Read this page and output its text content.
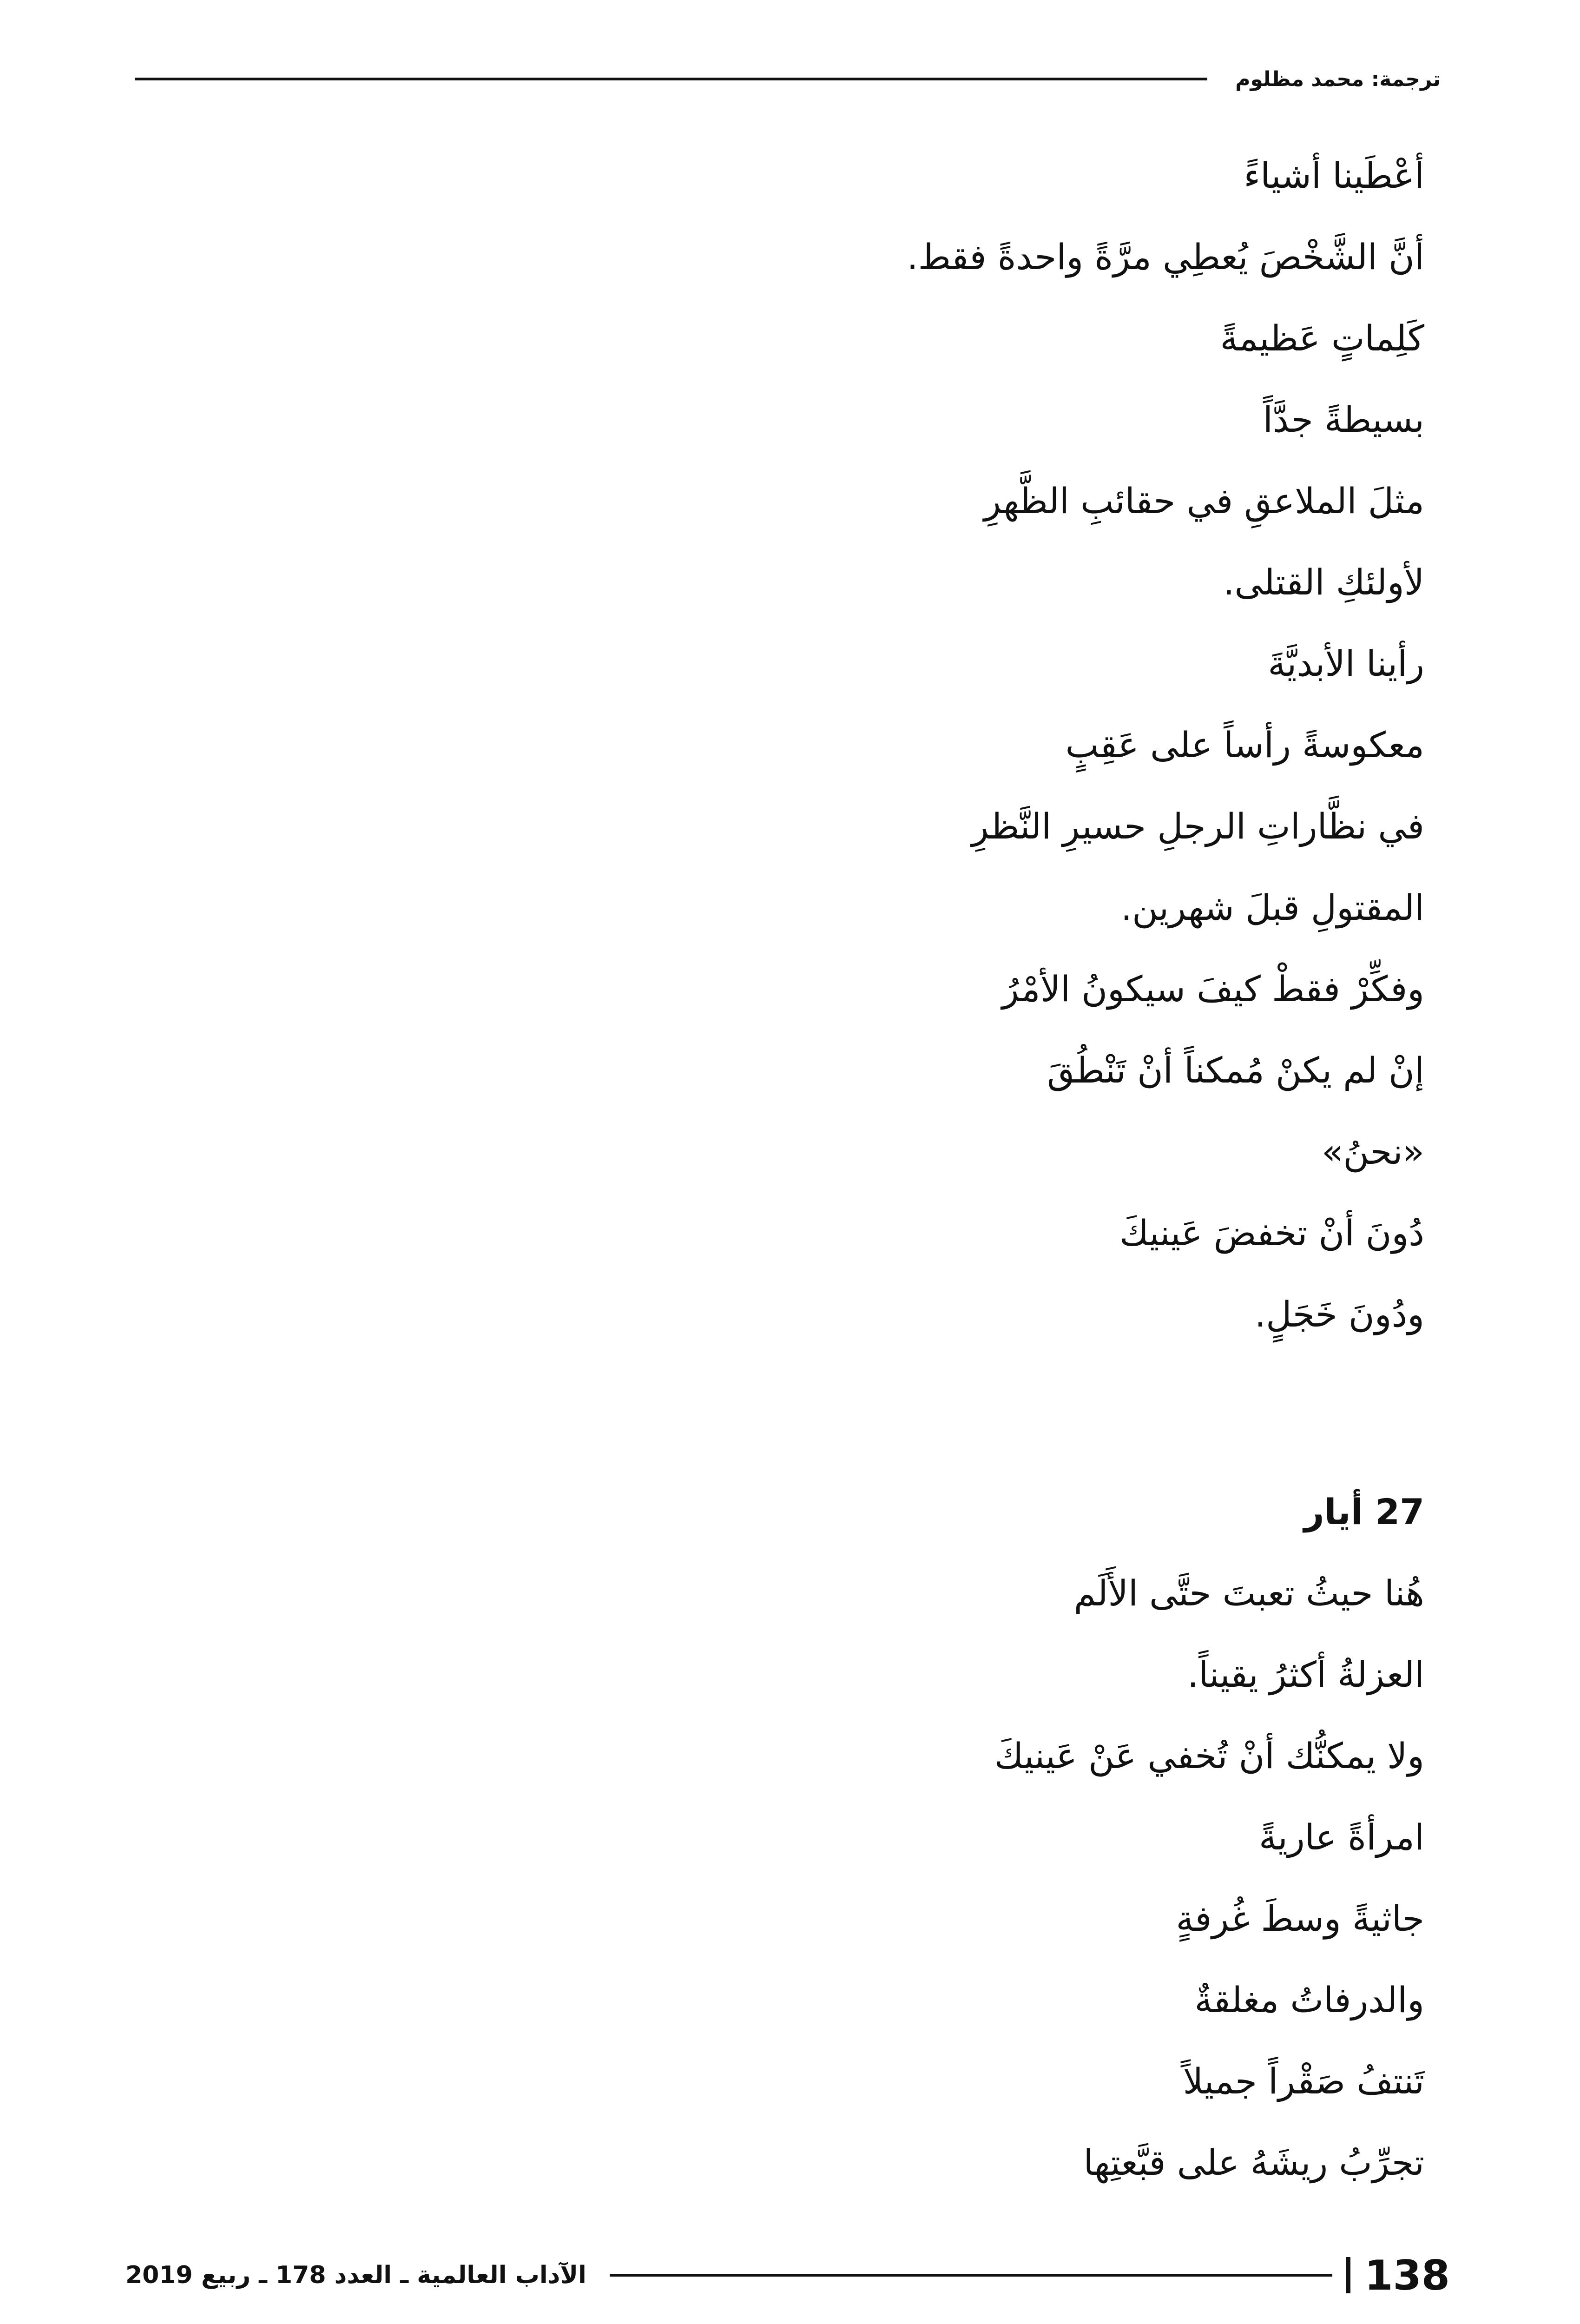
ترجمة: محمد مظلوم
أعْطَينا أشياءً
أنَّ الشَّخْصَ يُعطِي مرَّةً واحدةً فقط.
كَلِماتٍ عَظيمةً
بسيطةً جدَّاً
مثلَ الملاعقِ في حقائبِ الظَّهرِ
لأولئكِ القتلى.
رأينا الأبديَّةَ
معكوسةً رأساً على عَقِبٍ
في نظَّاراتِ الرجلِ حسيرِ النَّظرِ
المقتولِ قبلَ شهرين.
وفكِّرْ فقطْ كيفَ سيكونُ الأمْرُ
إنْ لم يكنْ مُمكناً أنْ تَنْطُقَ
«نحنُ»
دُونَ أنْ تخفضَ عَينيكَ
ودُونَ خَجَلٍ.
27 أيار
هُنا حيثُ تعبتَ حتَّى الأَلَم
العزلةُ أكثرُ يقيناً.
ولا يمكنُّك أنْ تُخفي عَنْ عَينيكَ
امرأةً عاريةً
جاثيةً وسطَ غُرفةٍ
والدرفاتُ مغلقةٌ
تَنتفُ صَقْراً جميلاً
تجرِّبُ ريشَهُ على قبَّعتِها
138
الآداب العالمية ـ العدد 178 ـ ربيع 2019
